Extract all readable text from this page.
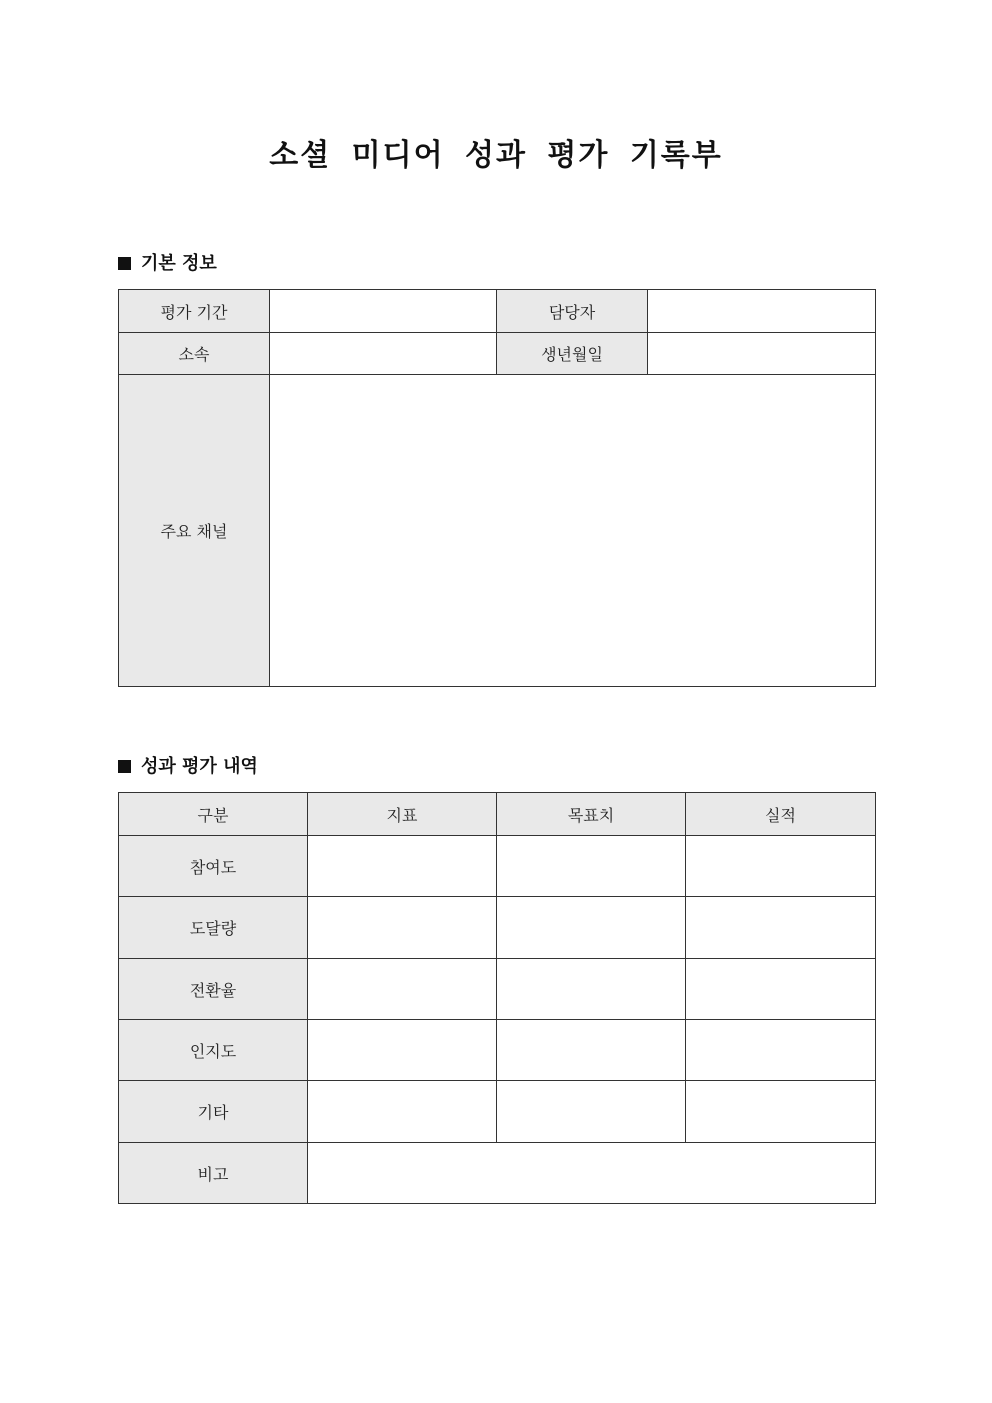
소셜 미디어 성과 평가 기록부
기본 정보
평가 기간		담당자	
소속		생년월일	
주요 채널			
성과 평가 내역
구분	지표	목표치	실적
참여도			
도달량			
전환율			
인지도			
기타			
비고			
